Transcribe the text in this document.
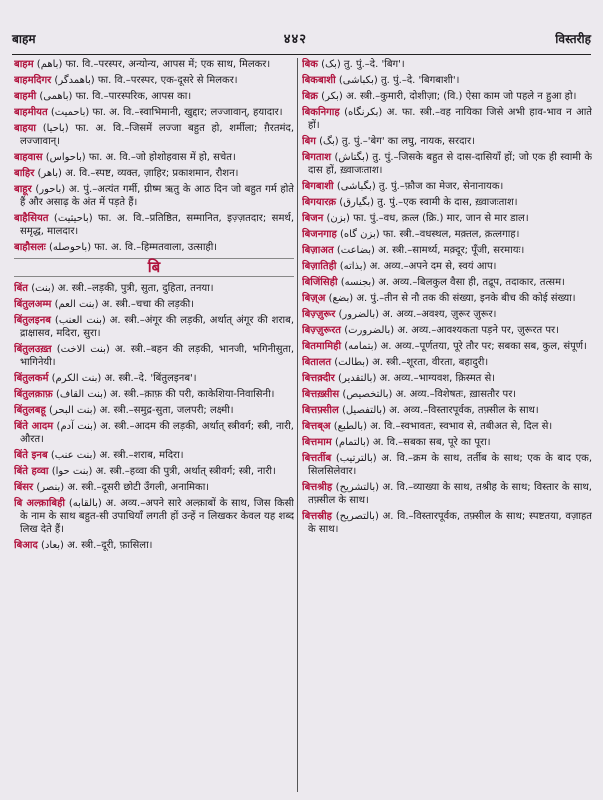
बाहम	४४२	विस्तरीह
बाहम (باهم) फा. वि.–परस्पर, अन्योन्य, आपस में; एक साथ, मिलकर।
बाहमदिगर (باهمدگر) फा. वि.–परस्पर, एक-दूसरे से मिलकर।
बाहमी (باهمی) फा. वि.–पारस्परिक, आपस का।
बाहमीयत (باحمیت) फा. अ. वि.–स्वाभिमानी, खुद्दार; लज्जावान्, हयादार।
बाहया (باحیا) फा. अ. वि.–जिसमें लज्जा बहुत हो, शर्मीला; ग़ैरतमंद, लज्जावान्।
बाहवास (باحواس) फा. अ. वि.–जो होशोहवास में हो, सचेत।
बाहिर (باهر) अ. वि.–स्पष्ट, व्यक्त, ज़ाहिर; प्रकाशमान, रौशन।
बाहूर (باحور) अ. पुं.–अत्यंत गर्मी, ग्रीष्म ऋतु के आठ दिन जो बहुत गर्म होते हैं और असाढ़ के अंत में पड़ते हैं।
बाहैसियत (باحیثیت) फा. अ. वि.–प्रतिष्ठित, सम्मानित, इज़्ज़तदार; समर्थ, समृद्ध, मालदार।
बाहौसलः (باحوصله) फा. अ. वि.–हिम्मतवाला, उत्साही।
बि
बिंत (بنت) अ. स्त्री.–लड़की, पुत्री, सुता, दुहिता, तनया।
बिंतुलअम्म (بنت العم) अ. स्त्री.–चचा की लड़की।
बिंतुलइनब (بنت العنب) अ. स्त्री.–अंगूर की लड़की, अर्थात् अंगूर की शराब, द्राक्षासव, मदिरा, सुरा।
बिंतुलउख़्त (بنت الاخت) अ. स्त्री.–बहन की लड़की, भानजी, भगिनीसुता, भागिनेयी।
बिंतुलकर्म (بنت الکرم) अ. स्त्री.–दे. 'बिंतुलइनब'।
बिंतुलक़ाफ़ (بنت القاف) अ. स्त्री.–क़ाफ़ की परी, काकेशिया-निवासिनी।
बिंतुलबहू (بنت البحر) अ. स्त्री.–समुद्र-सुता, जलपरी; लक्ष्मी।
बिंते आदम (بنت آدم) अ. स्त्री.–आदम की लड़की, अर्थात् स्त्रीवर्ग; स्त्री, नारी, औरत।
बिंते इनब (بنت عنب) अ. स्त्री.–शराब, मदिरा।
बिंते हव्वा (بنت حوا) अ. स्त्री.–हव्वा की पुत्री, अर्थात् स्त्रीवर्ग; स्त्री, नारी।
बिंसर (بنصر) अ. स्त्री.–दूसरी छोटी उँगली, अनामिका।
बि अल्क़ाबिही (بالقابه) अ. अव्य.–अपने सारे अल्क़ाबों के साथ, जिस किसी के नाम के साथ बहुत-सी उपाधियाँ लगती हों उन्हें न लिखकर केवल यह शब्द लिख देते हैं।
बिआद (بعاد) अ. स्त्री.–दूरी, फ़ासिला।
बिक (بک) तु. पुं.–दे. 'बिग'।
बिकबाशी (بکباشی) तु. पुं.–दे. 'बिगबाशी'।
बिक्र (بکر) अ. स्त्री.–कुमारी, दोशीज़ा; (वि.) ऐसा काम जो पहले न हुआ हो।
बिकनिगाह (بکرنگاه) अ. फा. स्त्री.–वह नायिका जिसे अभी हाव-भाव न आते हों।
बिग (بگ) तु. पुं.–'बेग' का लघु, नायक, सरदार।
बिगताश (بگتاش) तु. पुं.–जिसके बहुत से दास-दासियाँ हों; जो एक ही स्वामी के दास हों, ख़्वाजःताश।
बिगबाशी (بگباشی) तु. पुं.–फ़ौज का मेजर, सेनानायक।
बिगयारक़ (بگیارق) तु. पुं.–एक स्वामी के दास, ख़्वाजःताश।
बिजन (بزن) फा. पुं.–वध, क़त्ल (क्रि.) मार, जान से मार डाल।
बिजनगाह (بزن گاه) फा. स्त्री.–वधस्थल, मक़्तल, क़त्लगाह।
बिज़ाअत (بضاعت) अ. स्त्री.–सामर्थ्य, मक़्दूर; पूँजी, सरमायः।
बिज़ातिही (بذاته) अ. अव्य.–अपने दम से, स्वयं आप।
बिजिंसिही (بجنسه) अ. अव्य.–बिलकुल वैसा ही, तद्रूप, तदाकार, तत्सम।
बिज़्अ (بضع) अ. पुं.–तीन से नौ तक की संख्या, इनके बीच की कोई संख्या।
बिज़्ज़ुरूर (بالضرور) अ. अव्य.–अवश्य, ज़ुरूर ज़ुरूर।
बिज़्ज़ुरूरत (بالضرورت) अ. अव्य.–आवश्यकता पड़ने पर, ज़ुरूरत पर।
बितमामिही (بتمامه) अ. अव्य.–पूर्णतया, पूरे तौर पर; सबका सब, कुल, संपूर्ण।
बितालत (بطالت) अ. स्त्री.–शूरता, वीरता, बहादुरी।
बित्तक़्दीर (بالتقدیر) अ. अव्य.–भाग्यवश, क़िस्मत से।
बित्तख़्सीस (بالتخصیص) अ. अव्य.–विशेषतः, ख़ासतौर पर।
बित्तफ़्सील (بالتفصیل) अ. अव्य.–विस्तारपूर्वक, तफ़्सील के साथ।
बित्तब्अ (بالطبع) अ. वि.–स्वभावतः, स्वभाव से, तबीअत से, दिल से।
बित्तमाम (بالتمام) अ. वि.–सबका सब, पूरे का पूरा।
बित्तर्तीब (بالترتیب) अ. वि.–क्रम के साथ, तर्तीब के साथ; एक के बाद एक, सिलसिलेवार।
बित्तश्रीह (بالتشریح) अ. वि.–व्याख्या के साथ, तश्रीह के साथ; विस्तार के साथ, तफ़्सील के साथ।
बित्तस्रीह (بالتصریح) अ. वि.–विस्तारपूर्वक, तफ़्सील के साथ; स्पष्टतया, वज़ाहत के साथ।
